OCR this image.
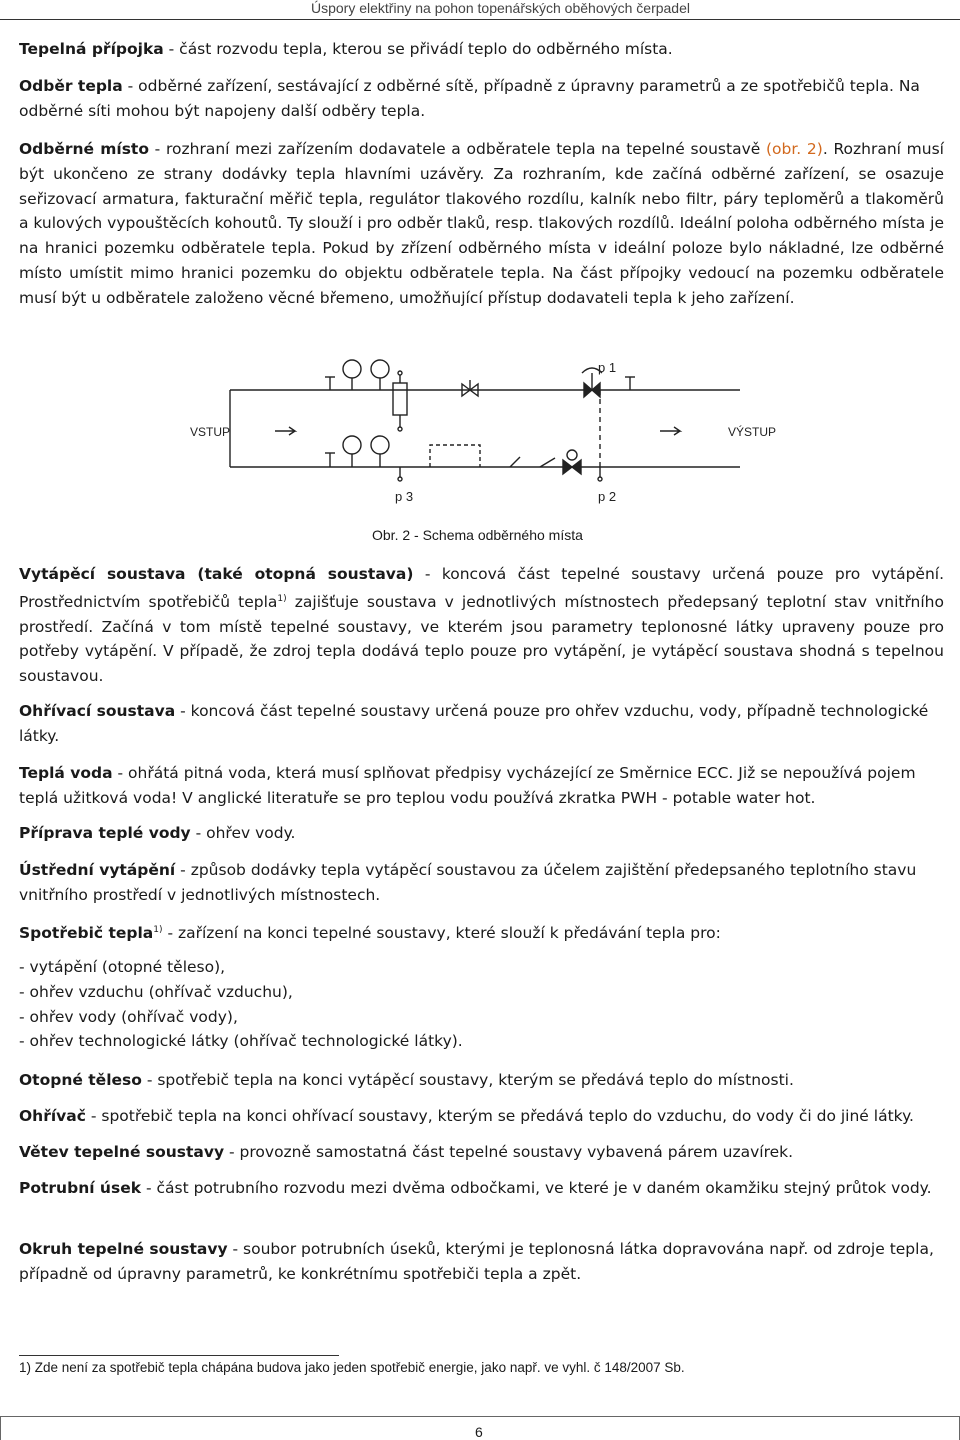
Úspory elektřiny na pohon topenářských oběhových čerpadel

Tepelná přípojka - část rozvodu tepla, kterou se přivádí teplo do odběrného místa.

Odběr tepla - odběrné zařízení, sestávající z odběrné sítě, případně z úpravny parametrů a ze spotřebičů tepla. Na odběrné síti mohou být napojeny další odběry tepla.

Odběrné místo - rozhraní mezi zařízením dodavatele a odběratele tepla na tepelné soustavě (obr. 2). Rozhraní musí být ukončeno ze strany dodávky tepla hlavními uzávěry. Za rozhraním, kde začíná odběrné zařízení, se osazuje seřizovací armatura, fakturační měřič tepla, regulátor tlakového rozdílu, kalník nebo filtr, páry teploměrů a tlakoměrů a kulových vypouštěcích kohoutů. Ty slouží i pro odběr tlaků, resp. tlakových rozdílů. Ideální poloha odběrného místa je na hranici pozemku odběratele tepla. Pokud by zřízení odběrného místa v ideální poloze bylo nákladné, lze odběrné místo umístit mimo hranici pozemku do objektu odběratele tepla. Na část přípojky vedoucí na pozemku odběratele musí být u odběratele založeno věcné břemeno, umožňující přístup dodavateli tepla k jeho zařízení.

VSTUP	VÝSTUP
p 1
p 2
p 3
Obr. 2 - Schema odběrného místa

Vytápěcí soustava (také otopná soustava) - koncová část tepelné soustavy určená pouze pro vytápění. Prostřednictvím spotřebičů tepla$^{1)}$ zajišťuje soustava v jednotlivých místnostech předepsaný teplotní stav vnitřního prostředí. Začíná v tom místě tepelné soustavy, ve kterém jsou parametry teplonosné látky upraveny pouze pro potřeby vytápění. V případě, že zdroj tepla dodává teplo pouze pro vytápění, je vytápěcí soustava shodná s tepelnou soustavou.

Ohřívací soustava - koncová část tepelné soustavy určená pouze pro ohřev vzduchu, vody, případně technologické látky.

Teplá voda - ohřátá pitná voda, která musí splňovat předpisy vycházející ze Směrnice ECC. Již se nepoužívá pojem teplá užitková voda! V anglické literatuře se pro teplou vodu používá zkratka PWH - potable water hot.

Příprava teplé vody - ohřev vody.

Ústřední vytápění - způsob dodávky tepla vytápěcí soustavou za účelem zajištění předepsaného teplotního stavu vnitřního prostředí v jednotlivých místnostech.

Spotřebič tepla$^{1)}$ - zařízení na konci tepelné soustavy, které slouží k předávání tepla pro:

- vytápění (otopné těleso),
- ohřev vzduchu (ohřívač vzduchu),
- ohřev vody (ohřívač vody),
- ohřev technologické látky (ohřívač technologické látky).

Otopné těleso - spotřebič tepla na konci vytápěcí soustavy, kterým se předává teplo do místnosti.

Ohřívač - spotřebič tepla na konci ohřívací soustavy, kterým se předává teplo do vzduchu, do vody či do jiné látky.

Větev tepelné soustavy - provozně samostatná část tepelné soustavy vybavená párem uzavírek.

Potrubní úsek - část potrubního rozvodu mezi dvěma odbočkami, ve které je v daném okamžiku stejný průtok vody.

Okruh tepelné soustavy - soubor potrubních úseků, kterými je teplonosná látka dopravována např. od zdroje tepla, případně od úpravny parametrů, ke konkrétnímu spotřebiči tepla a zpět.

1) Zde není za spotřebič tepla chápána budova jako jeden spotřebič energie, jako např. ve vyhl. č 148/2007 Sb.
6
